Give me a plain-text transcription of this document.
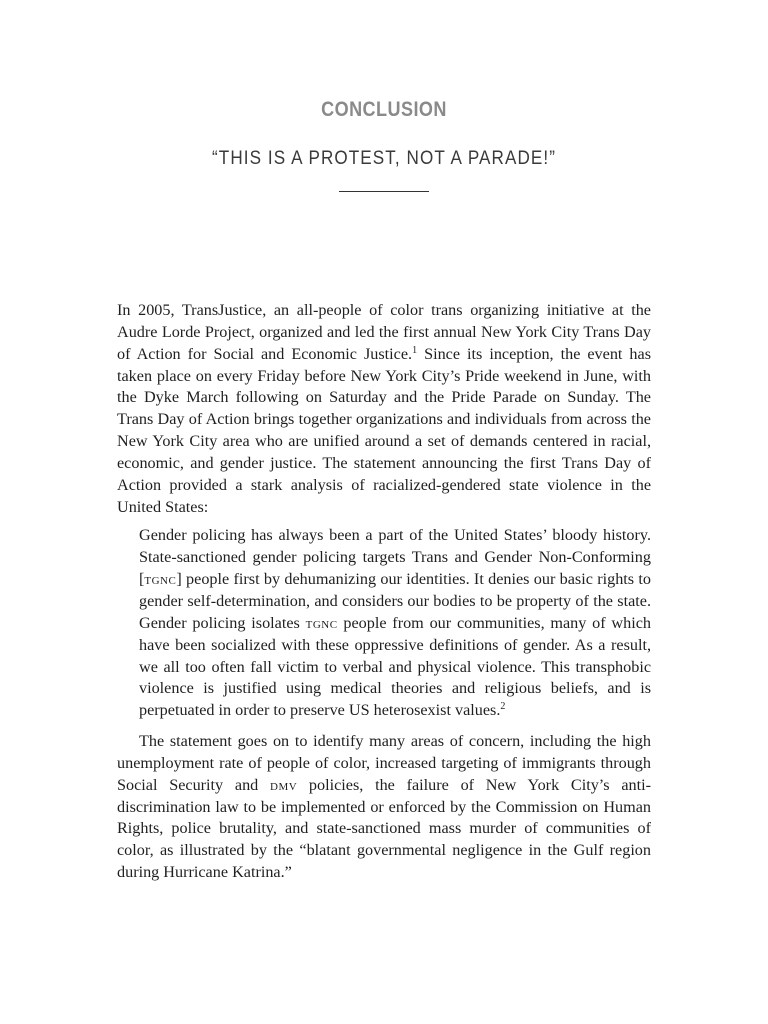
CONCLUSION
“THIS IS A PROTEST, NOT A PARADE!”

In 2005, TransJustice, an all-people of color trans organizing initiative at the Audre Lorde Project, organized and led the first annual New York City Trans Day of Action for Social and Economic Justice.$^1$ Since its inception, the event has taken place on every Friday before New York City’s Pride weekend in June, with the Dyke March following on Saturday and the Pride Parade on Sunday. The Trans Day of Action brings together organizations and individuals from across the New York City area who are unified around a set of demands centered in racial, economic, and gender justice. The statement announcing the first Trans Day of Action provided a stark analysis of racialized-gendered state violence in the United States:

Gender policing has always been a part of the United States’ bloody history. State-sanctioned gender policing targets Trans and Gender Non-Conforming [tgnc] people first by dehumanizing our identities. It denies our basic rights to gender self-determination, and considers our bodies to be property of the state. Gender policing isolates tgnc people from our communities, many of which have been socialized with these oppressive definitions of gender. As a result, we all too often fall victim to verbal and physical violence. This transphobic violence is justified using medical theories and religious beliefs, and is perpetuated in order to preserve US heterosexist values.$^2$

The statement goes on to identify many areas of concern, including the high unemployment rate of people of color, increased targeting of immigrants through Social Security and dmv policies, the failure of New York City’s anti-discrimination law to be implemented or enforced by the Commission on Human Rights, police brutality, and state-sanctioned mass murder of communities of color, as illustrated by the “blatant governmental negligence in the Gulf region during Hurricane Katrina.”
